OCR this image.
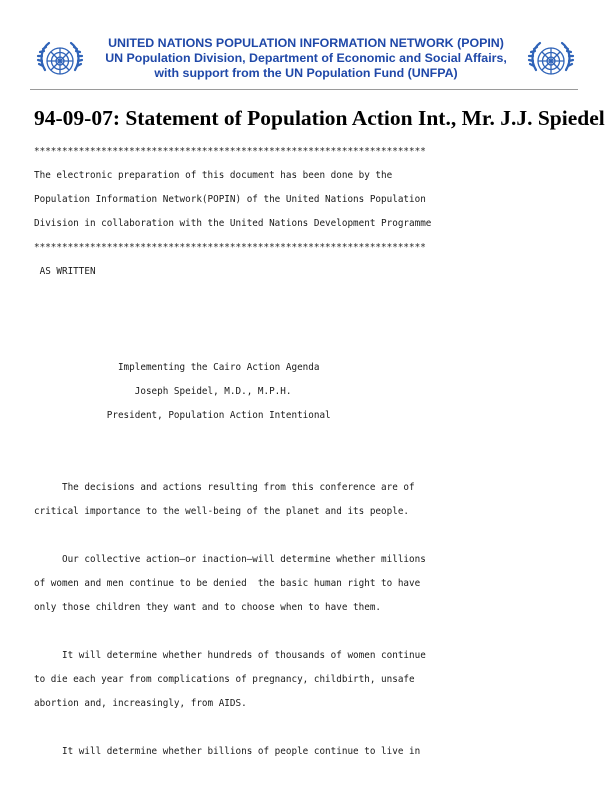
UNITED NATIONS POPULATION INFORMATION NETWORK (POPIN)
UN Population Division, Department of Economic and Social Affairs,
with support from the UN Population Fund (UNFPA)
94-09-07: Statement of Population Action Int., Mr. J.J. Spiedel
**********************************************************************
The electronic preparation of this document has been done by the
Population Information Network(POPIN) of the United Nations Population
Division in collaboration with the United Nations Development Programme
**********************************************************************
AS WRITTEN
Implementing the Cairo Action Agenda
Joseph Speidel, M.D., M.P.H.
President, Population Action Intentional
The decisions and actions resulting from this conference are of
critical importance to the well-being of the planet and its people.
Our collective action—or inaction—will determine whether millions
of women and men continue to be denied  the basic human right to have
only those children they want and to choose when to have them.
It will determine whether hundreds of thousands of women continue
to die each year from complications of pregnancy, childbirth, unsafe
abortion and, increasingly, from AIDS.
It will determine whether billions of people continue to live in
